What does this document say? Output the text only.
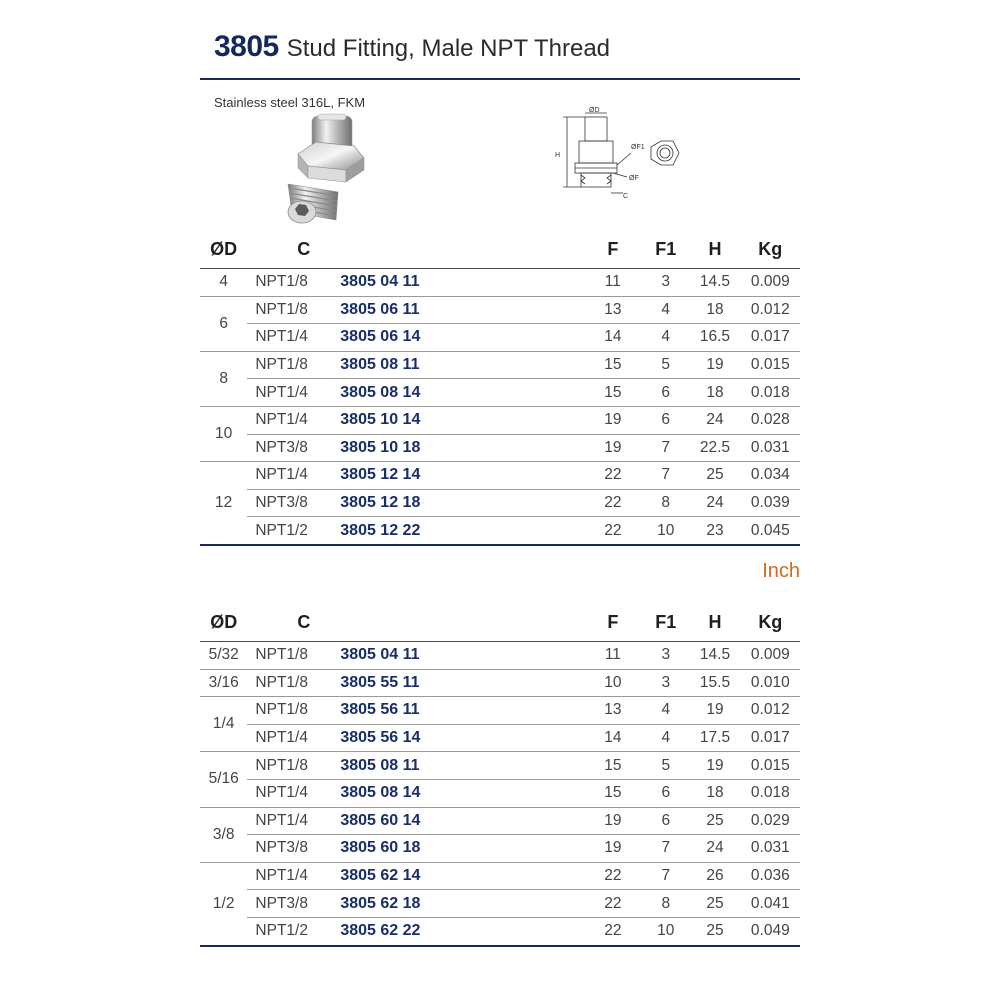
3805 Stud Fitting, Male NPT Thread
Stainless steel 316L, FKM
ØD
H
ØF1
ØF
C
ØD	C		F	F1	H	Kg
4	NPT1/8	3805 04 11	11	3	14.5	0.009
6	NPT1/8	3805 06 11	13	4	18	0.012
	NPT1/4	3805 06 14	14	4	16.5	0.017
8	NPT1/8	3805 08 11	15	5	19	0.015
	NPT1/4	3805 08 14	15	6	18	0.018
10	NPT1/4	3805 10 14	19	6	24	0.028
	NPT3/8	3805 10 18	19	7	22.5	0.031
12	NPT1/4	3805 12 14	22	7	25	0.034
	NPT3/8	3805 12 18	22	8	24	0.039
	NPT1/2	3805 12 22	22	10	23	0.045
Inch
ØD	C		F	F1	H	Kg
5/32	NPT1/8	3805 04 11	11	3	14.5	0.009
3/16	NPT1/8	3805 55 11	10	3	15.5	0.010
1/4	NPT1/8	3805 56 11	13	4	19	0.012
	NPT1/4	3805 56 14	14	4	17.5	0.017
5/16	NPT1/8	3805 08 11	15	5	19	0.015
	NPT1/4	3805 08 14	15	6	18	0.018
3/8	NPT1/4	3805 60 14	19	6	25	0.029
	NPT3/8	3805 60 18	19	7	24	0.031
1/2	NPT1/4	3805 62 14	22	7	26	0.036
	NPT3/8	3805 62 18	22	8	25	0.041
	NPT1/2	3805 62 22	22	10	25	0.049
